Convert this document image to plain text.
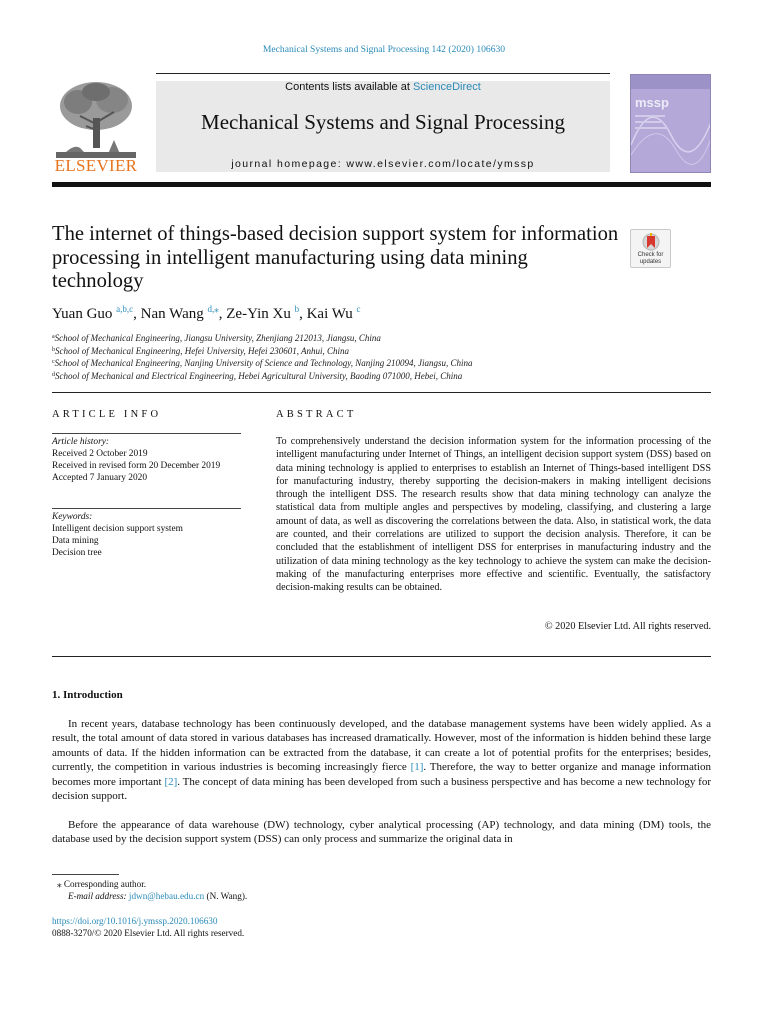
Mechanical Systems and Signal Processing 142 (2020) 106630
ELSEVIER
Contents lists available at ScienceDirect
Mechanical Systems and Signal Processing
journal homepage: www.elsevier.com/locate/ymssp
mssp
The internet of things-based decision support system for information processing in intelligent manufacturing using data mining technology
Check for updates
Yuan Guo $^{a,b,c}$, Nan Wang $^{d,⁎}$, Ze-Yin Xu $^b$, Kai Wu $^c$
$^a$School of Mechanical Engineering, Jiangsu University, Zhenjiang 212013, Jiangsu, China
$^b$School of Mechanical Engineering, Hefei University, Hefei 230601, Anhui, China
$^c$School of Mechanical Engineering, Nanjing University of Science and Technology, Nanjing 210094, Jiangsu, China
$^d$School of Mechanical and Electrical Engineering, Hebei Agricultural University, Baoding 071000, Hebei, China
ARTICLE INFO	ABSTRACT
Article history:
Received 2 October 2019
Received in revised form 20 December 2019
Accepted 7 January 2020
Keywords:
Intelligent decision support system
Data mining
Decision tree
To comprehensively understand the decision information system for the information processing of the intelligent manufacturing under Internet of Things, an intelligent decision support system (DSS) based on data mining technology is applied to enterprises to establish an Internet of Things-based intelligent DSS for manufacturing industry, thereby supporting the decision-makers in making intelligent decisions through the intelligent DSS. The research results show that data mining technology can analyze the statistical data from multiple angles and perspectives by modeling, classifying, and clustering a large amount of data, as well as discovering the correlations between the data. Also, in statistical work, the data are counted, and their correlations are utilized to support the decision analysis. Therefore, it can be concluded that the establishment of intelligent DSS for enterprises in manufacturing industry and the utilization of data mining technology as the key technology to achieve the system can make the decision-making of the manufacturing enterprises more effective and scientific. Eventually, the satisfactory decision-making results can be obtained.
© 2020 Elsevier Ltd. All rights reserved.
1. Introduction
In recent years, database technology has been continuously developed, and the database management systems have been widely applied. As a result, the total amount of data stored in various databases has increased dramatically. However, most of the information is hidden behind these large amounts of data. If the hidden information can be extracted from the database, it can create a lot of potential profits for the enterprises; besides, currently, the competition in various industries is becoming increasingly fierce [1]. Therefore, the way to better organize and manage information becomes more important [2]. The concept of data mining has been developed from such a business perspective and has become a new technology for decision support.
Before the appearance of data warehouse (DW) technology, cyber analytical processing (AP) technology, and data mining (DM) tools, the database used by the decision support system (DSS) can only process and summarize the original data in
⁎ Corresponding author.
E-mail address: jdwn@hebau.edu.cn (N. Wang).
https://doi.org/10.1016/j.ymssp.2020.106630
0888-3270/© 2020 Elsevier Ltd. All rights reserved.
